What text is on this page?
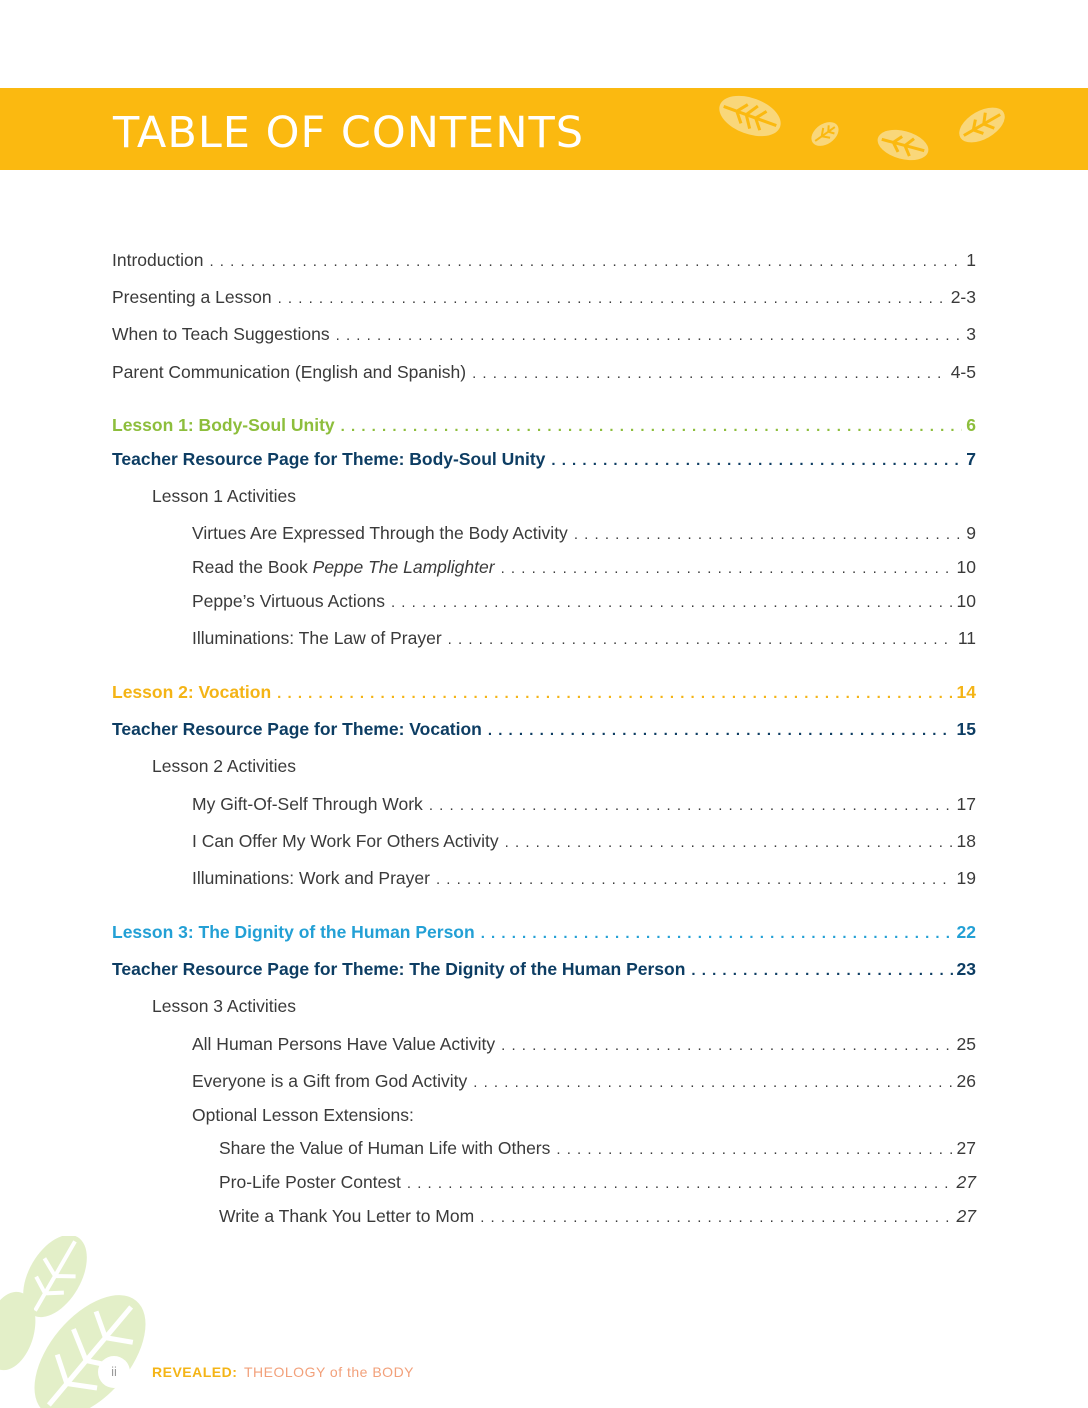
TABLE OF CONTENTS
Introduction . . .	1
Presenting a Lesson . . .	2-3
When to Teach Suggestions . . .	3
Parent Communication (English and Spanish) . . .	4-5
Lesson 1: Body-Soul Unity . . .	6
Teacher Resource Page for Theme: Body-Soul Unity . . .	7
Lesson 1 Activities
Virtues Are Expressed Through the Body Activity . . .	9
Read the Book Peppe The Lamplighter . . .	10
Peppe’s Virtuous Actions . . .	10
Illuminations: The Law of Prayer . . .	11
Lesson 2: Vocation . . .	14
Teacher Resource Page for Theme: Vocation . . .	15
Lesson 2 Activities
My Gift-Of-Self Through Work . . .	17
I Can Offer My Work For Others Activity . . .	18
Illuminations: Work and Prayer . . .	19
Lesson 3: The Dignity of the Human Person . . .	22
Teacher Resource Page for Theme: The Dignity of the Human Person . . .	23
Lesson 3 Activities
All Human Persons Have Value Activity . . .	25
Everyone is a Gift from God Activity . . .	26
Optional Lesson Extensions:
Share the Value of Human Life with Others . . .	27
Pro-Life Poster Contest . . .	27
Write a Thank You Letter to Mom . . .	27
ii	REVEALED: THEOLOGY of the BODY
